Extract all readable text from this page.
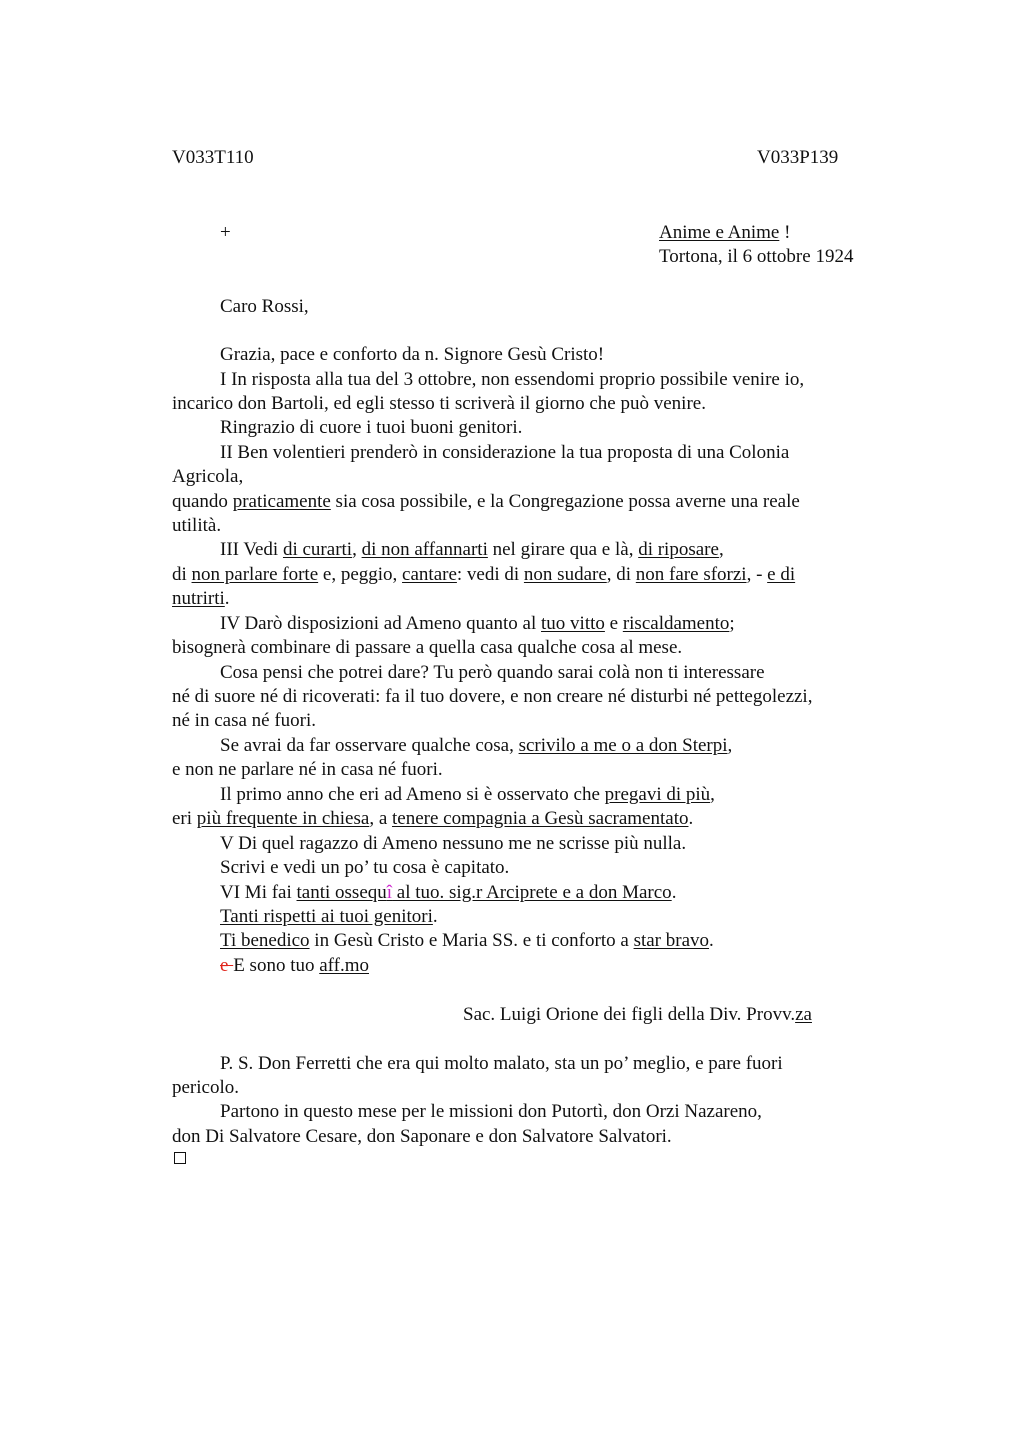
V033T110	V033P139
+	Anime e Anime !
Tortona, il 6 ottobre 1924
Caro Rossi,
Grazia, pace e conforto da n. Signore Gesù Cristo!
I In risposta alla tua del 3 ottobre, non essendomi proprio possibile venire io,
incarico don Bartoli, ed egli stesso ti scriverà il giorno che può venire.
Ringrazio di cuore i tuoi buoni genitori.
II Ben volentieri prenderò in considerazione la tua proposta di una Colonia
Agricola,
quando praticamente sia cosa possibile, e la Congregazione possa averne una reale
utilità.
III Vedi di curarti, di non affannarti nel girare qua e là, di riposare,
di non parlare forte e, peggio, cantare: vedi di non sudare, di non fare sforzi, - e di
nutrirti.
IV Darò disposizioni ad Ameno quanto al tuo vitto e riscaldamento;
bisognerà combinare di passare a quella casa qualche cosa al mese.
Cosa pensi che potrei dare? Tu però quando sarai colà non ti interessare
né di suore né di ricoverati: fa il tuo dovere, e non creare né disturbi né pettegolezzi,
né in casa né fuori.
Se avrai da far osservare qualche cosa, scrivilo a me o a don Sterpi,
e non ne parlare né in casa né fuori.
Il primo anno che eri ad Ameno si è osservato che pregavi di più,
eri più frequente in chiesa, a tenere compagnia a Gesù sacramentato.
V Di quel ragazzo di Ameno nessuno me ne scrisse più nulla.
Scrivi e vedi un po’ tu cosa è capitato.
VI Mi fai tanti ossequî al tuo. sig.r Arciprete e a don Marco.
Tanti rispetti ai tuoi genitori.
Ti benedico in Gesù Cristo e Maria SS. e ti conforto a star bravo.
e E sono tuo aff.mo
Sac. Luigi Orione dei figli della Div. Provv.za
P. S. Don Ferretti che era qui molto malato, sta un po’ meglio, e pare fuori
pericolo.
Partono in questo mese per le missioni don Putortì, don Orzi Nazareno,
don Di Salvatore Cesare, don Saponare e don Salvatore Salvatori.
